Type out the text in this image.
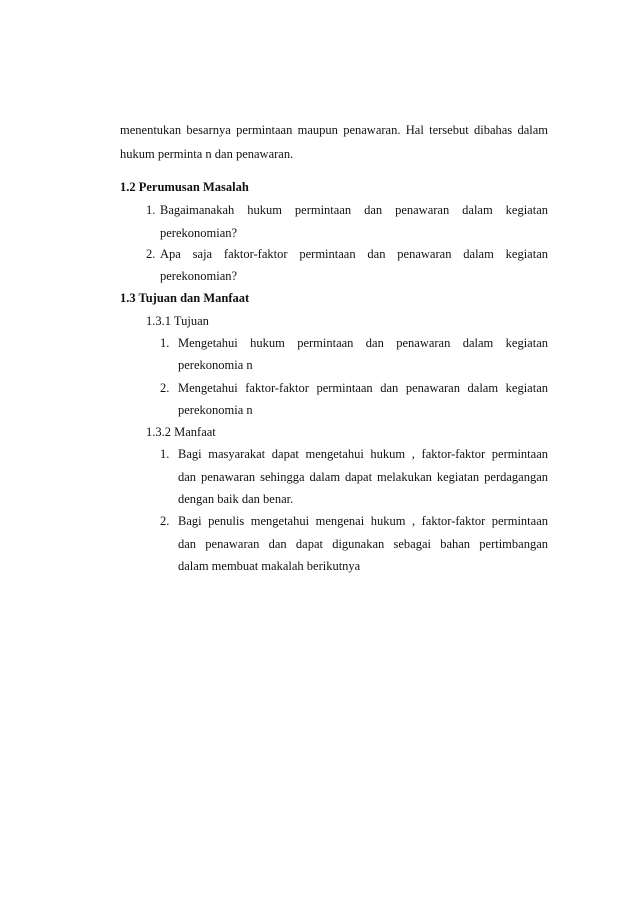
menentukan besarnya permintaan maupun penawaran. Hal tersebut dibahas dalam
hukum perminta n dan penawaran.
1.2 Perumusan Masalah
1. Bagaimanakah hukum permintaan dan penawaran dalam kegiatan
perekonomian?
2. Apa saja faktor-faktor permintaan dan penawaran dalam kegiatan
perekonomian?
1.3 Tujuan dan Manfaat
1.3.1 Tujuan
1. Mengetahui hukum permintaan dan penawaran dalam kegiatan
perekonomia n
2. Mengetahui faktor-faktor permintaan dan penawaran dalam kegiatan
perekonomia n
1.3.2 Manfaat
1. Bagi masyarakat dapat mengetahui hukum , faktor-faktor permintaan
dan penawaran sehingga dalam dapat melakukan kegiatan perdagangan
dengan baik dan benar.
2. Bagi penulis mengetahui mengenai hukum , faktor-faktor permintaan
dan penawaran dan dapat digunakan sebagai bahan pertimbangan
dalam membuat makalah berikutnya
